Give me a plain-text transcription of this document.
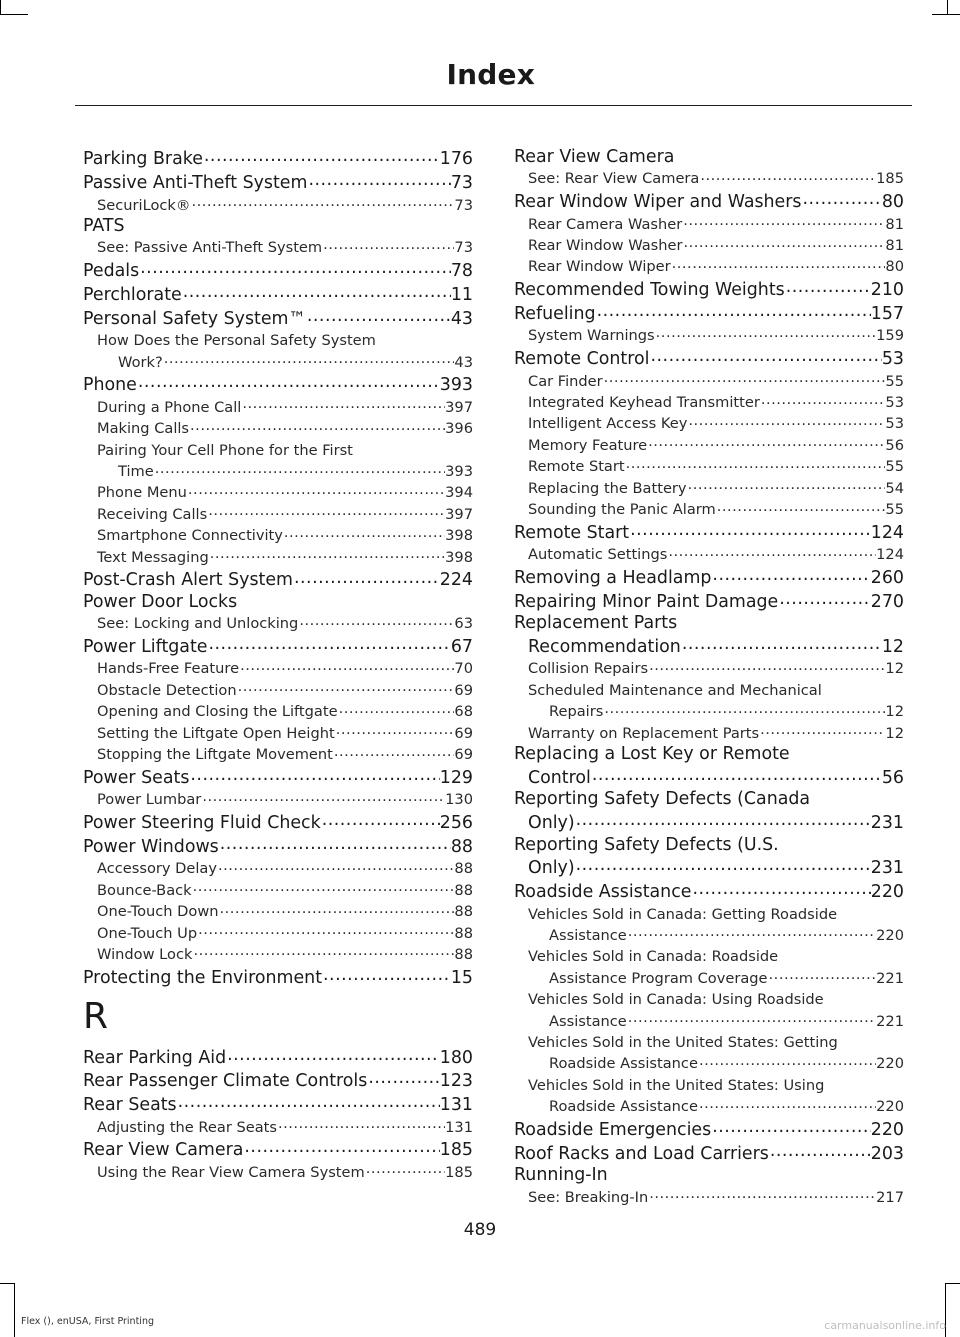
Index
Parking Brake .....	176
Passive Anti-Theft System .....	73
SecuriLock® .....	73
PATS
See: Passive Anti-Theft System .....	73
Pedals .....	78
Perchlorate .....	11
Personal Safety System™ .....	43
How Does the Personal Safety System
Work? .....	43
Phone .....	393
During a Phone Call .....	397
Making Calls .....	396
Pairing Your Cell Phone for the First
Time .....	393
Phone Menu .....	394
Receiving Calls .....	397
Smartphone Connectivity .....	398
Text Messaging .....	398
Post-Crash Alert System .....	224
Power Door Locks
See: Locking and Unlocking .....	63
Power Liftgate .....	67
Hands-Free Feature .....	70
Obstacle Detection .....	69
Opening and Closing the Liftgate .....	68
Setting the Liftgate Open Height .....	69
Stopping the Liftgate Movement .....	69
Power Seats .....	129
Power Lumbar .....	130
Power Steering Fluid Check .....	256
Power Windows .....	88
Accessory Delay .....	88
Bounce-Back .....	88
One-Touch Down .....	88
One-Touch Up .....	88
Window Lock .....	88
Protecting the Environment .....	15
R
Rear Parking Aid .....	180
Rear Passenger Climate Controls .....	123
Rear Seats .....	131
Adjusting the Rear Seats .....	131
Rear View Camera .....	185
Using the Rear View Camera System .....	185
Rear View Camera
See: Rear View Camera .....	185
Rear Window Wiper and Washers .....	80
Rear Camera Washer .....	81
Rear Window Washer .....	81
Rear Window Wiper .....	80
Recommended Towing Weights .....	210
Refueling .....	157
System Warnings .....	159
Remote Control .....	53
Car Finder .....	55
Integrated Keyhead Transmitter .....	53
Intelligent Access Key .....	53
Memory Feature .....	56
Remote Start .....	55
Replacing the Battery .....	54
Sounding the Panic Alarm .....	55
Remote Start .....	124
Automatic Settings .....	124
Removing a Headlamp .....	260
Repairing Minor Paint Damage .....	270
Replacement Parts
Recommendation .....	12
Collision Repairs .....	12
Scheduled Maintenance and Mechanical
Repairs .....	12
Warranty on Replacement Parts .....	12
Replacing a Lost Key or Remote
Control .....	56
Reporting Safety Defects (Canada
Only) .....	231
Reporting Safety Defects (U.S.
Only) .....	231
Roadside Assistance .....	220
Vehicles Sold in Canada: Getting Roadside
Assistance .....	220
Vehicles Sold in Canada: Roadside
Assistance Program Coverage .....	221
Vehicles Sold in Canada: Using Roadside
Assistance .....	221
Vehicles Sold in the United States: Getting
Roadside Assistance .....	220
Vehicles Sold in the United States: Using
Roadside Assistance .....	220
Roadside Emergencies .....	220
Roof Racks and Load Carriers .....	203
Running-In
See: Breaking-In .....	217
489
Flex (), enUSA, First Printing	carmanualsonline.info
